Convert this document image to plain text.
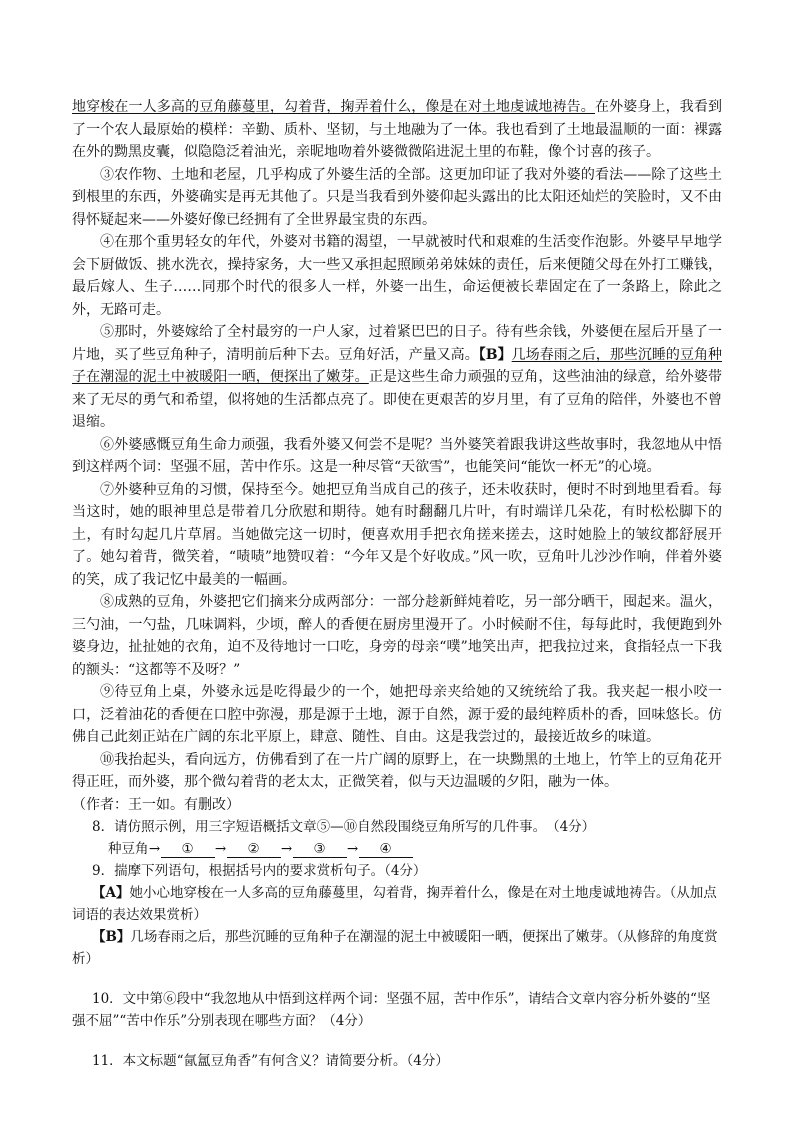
地穿梭在一人多高的豆角藤蔓里，勾着背，掬弄着什么，像是在对土地虔诚地祷告。在外婆身上，我看到了一个农人最原始的模样：辛勤、质朴、坚韧，与土地融为了一体。我也看到了土地最温顺的一面：裸露在外的黝黑皮囊，似隐隐泛着油光，亲昵地吻着外婆微微陷进泥土里的布鞋，像个讨喜的孩子。

③农作物、土地和老屋，几乎构成了外婆生活的全部。这更加印证了我对外婆的看法——除了这些土到根里的东西，外婆确实是再无其他了。只是当我看到外婆仰起头露出的比太阳还灿烂的笑脸时，又不由得怀疑起来——外婆好像已经拥有了全世界最宝贵的东西。

④在那个重男轻女的年代，外婆对书籍的渴望，一早就被时代和艰难的生活变作泡影。外婆早早地学会下厨做饭、挑水洗衣，操持家务，大一些又承担起照顾弟弟妹妹的责任，后来便随父母在外打工赚钱，最后嫁人、生子……同那个时代的很多人一样，外婆一出生，命运便被长辈固定在了一条路上，除此之外，无路可走。

⑤那时，外婆嫁给了全村最穷的一户人家，过着紧巴巴的日子。待有些余钱，外婆便在屋后开垦了一片地，买了些豆角种子，清明前后种下去。豆角好活，产量又高。【B】几场春雨之后，那些沉睡的豆角种子在潮湿的泥土中被暖阳一晒，便探出了嫩芽。正是这些生命力顽强的豆角，这些油油的绿意，给外婆带来了无尽的勇气和希望，似将她的生活都点亮了。即使在更艰苦的岁月里，有了豆角的陪伴，外婆也不曾退缩。

⑥外婆感慨豆角生命力顽强，我看外婆又何尝不是呢？当外婆笑着跟我讲这些故事时，我忽地从中悟到这样两个词：坚强不屈，苦中作乐。这是一种尽管“天欲雪”，也能笑问“能饮一杯无”的心境。

⑦外婆种豆角的习惯，保持至今。她把豆角当成自己的孩子，还未收获时，便时不时到地里看看。每当这时，她的眼神里总是带着几分欣慰和期待。她有时翻翻几片叶，有时端详几朵花，有时松松脚下的土，有时勾起几片草屑。当她做完这一切时，便喜欢用手把衣角搓来搓去，这时她脸上的皱纹都舒展开了。她勾着背，微笑着，“啧啧”地赞叹着：“今年又是个好收成。”风一吹，豆角叶儿沙沙作响，伴着外婆的笑，成了我记忆中最美的一幅画。

⑧成熟的豆角，外婆把它们摘来分成两部分：一部分趁新鲜炖着吃，另一部分晒干，囤起来。温火，三勺油，一勺盐，几味调料，少顷，醉人的香便在厨房里漫开了。小时候耐不住，每每此时，我便跑到外婆身边，扯扯她的衣角，迫不及待地讨一口吃，身旁的母亲“噗”地笑出声，把我拉过来，食指轻点一下我的额头：“这都等不及呀？”

⑨待豆角上桌，外婆永远是吃得最少的一个，她把母亲夹给她的又统统给了我。我夹起一根小咬一口，泛着油花的香便在口腔中弥漫，那是源于土地，源于自然，源于爱的最纯粹质朴的香，回味悠长。仿佛自己此刻正站在广阔的东北平原上，肆意、随性、自由。这是我尝过的，最接近故乡的味道。

⑩我抬起头，看向远方，仿佛看到了在一片广阔的原野上，在一块黝黑的土地上，竹竿上的豆角花开得正旺，而外婆，那个微勾着背的老太太，正微笑着，似与天边温暖的夕阳，融为一体。

（作者：王一如。有删改）

8．请仿照示例，用三字短语概括文章⑤—⑩自然段围绕豆角所写的几件事。　（4分）

种豆角→ ① → ② → ③ → ④

9．揣摩下列语句，根据括号内的要求赏析句子。（4分）

【A】她小心地穿梭在一人多高的豆角藤蔓里，勾着背，掬弄着什么，像是在对土地虔诚地祷告。（从加点词语的表达效果赏析）

【B】几场春雨之后，那些沉睡的豆角种子在潮湿的泥土中被暖阳一晒，便探出了嫩芽。（从修辞的角度赏析）

10．文中第⑥段中“我忽地从中悟到这样两个词：坚强不屈，苦中作乐”，请结合文章内容分析外婆的“坚强不屈”“苦中作乐”分别表现在哪些方面？（4分）

11．本文标题“氤氲豆角香”有何含义？请简要分析。（4分）
